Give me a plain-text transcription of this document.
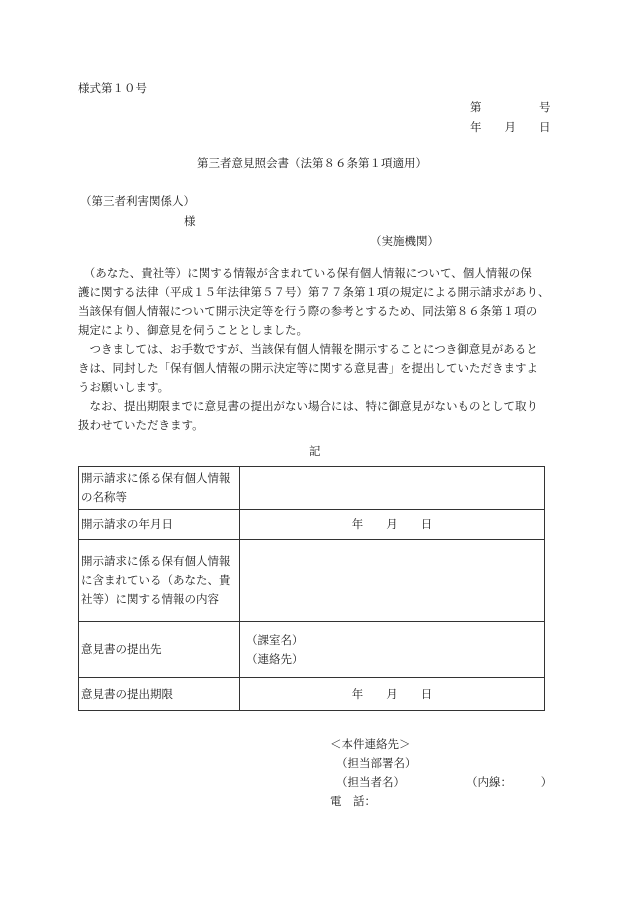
様式第１０号
第　　　　　号
年　　月　　日
第三者意見照会書（法第８６条第１項適用）
（第三者利害関係人）
様
（実施機関）
　（あなた、貴社等）に関する情報が含まれている保有個人情報について、個人情報の保
護に関する法律（平成１５年法律第５７号）第７７条第１項の規定による開示請求があり、
当該保有個人情報について開示決定等を行う際の参考とするため、同法第８６条第１項の
規定により、御意見を伺うこととしました。
　つきましては、お手数ですが、当該保有個人情報を開示することにつき御意見があると
きは、同封した「保有個人情報の開示決定等に関する意見書」を提出していただきますよ
うお願いします。
　なお、提出期限までに意見書の提出がない場合には、特に御意見がないものとして取り
扱わせていただきます。
記
開示請求に係る保有個人情報
の名称等	

開示請求の年月日	年　　月　　日

開示請求に係る保有個人情報
に含まれている（あなた、貴
社等）に関する情報の内容	

意見書の提出先	（課室名）
（連絡先）

意見書の提出期限	年　　月　　日
＜本件連絡先＞
（担当部署名）
（担当者名）	（内線：　　　）
電　話：
